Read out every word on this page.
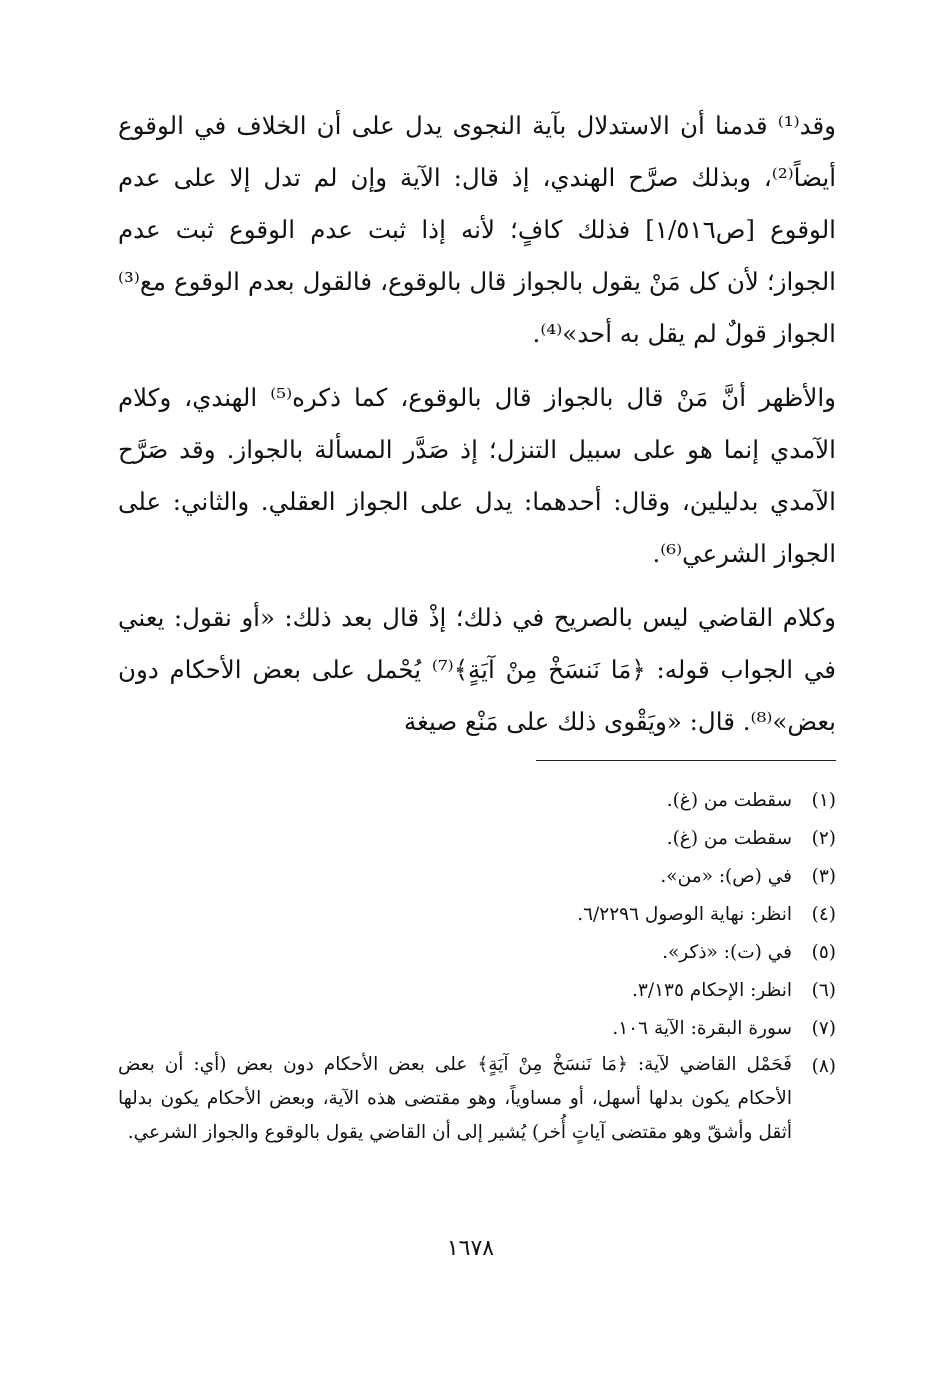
وقد⁽¹⁾ قدمنا أن الاستدلال بآية النجوى يدل على أن الخلاف في الوقوع أيضاً⁽²⁾، وبذلك صرَّح الهندي، إذ قال: الآية وإن لم تدل إلا على عدم الوقوع [ص١/٥١٦] فذلك كافٍ؛ لأنه إذا ثبت عدم الوقوع ثبت عدم الجواز؛ لأن كل مَنْ يقول بالجواز قال بالوقوع، فالقول بعدم الوقوع مع⁽³⁾ الجواز قولٌ لم يقل به أحد»⁽⁴⁾.

والأظهر أنَّ مَنْ قال بالجواز قال بالوقوع، كما ذكره⁽⁵⁾ الهندي، وكلام الآمدي إنما هو على سبيل التنزل؛ إذ صَدَّر المسألة بالجواز. وقد صَرَّح الآمدي بدليلين، وقال: أحدهما: يدل على الجواز العقلي. والثاني: على الجواز الشرعي⁽⁶⁾.

وكلام القاضي ليس بالصريح في ذلك؛ إذْ قال بعد ذلك: «أو نقول: يعني في الجواب قوله: ﴿مَا نَنسَخْ مِنْ آيَةٍ﴾⁽⁷⁾ يُحْمل على بعض الأحكام دون بعض»⁽⁸⁾. قال: «ويَقْوى ذلك على مَنْع صيغة

(١)
سقطت من (غ).
(٢)
سقطت من (غ).
(٣)
في (ص): «من».
(٤)
انظر: نهاية الوصول ٦/٢٢٩٦.
(٥)
في (ت): «ذكر».
(٦)
انظر: الإحكام ٣/١٣٥.
(٧)
سورة البقرة: الآية ١٠٦.
(٨)
فَحَمْل القاضي لآية: ﴿مَا نَنسَخْ مِنْ آيَةٍ﴾ على بعض الأحكام دون بعض (أي: أن بعض الأحكام يكون بدلها أسهل، أو مساوياً، وهو مقتضى هذه الآية، وبعض الأحكام يكون بدلها أثقل وأشقّ وهو مقتضى آياتٍ أُخر) يُشير إلى أن القاضي يقول بالوقوع والجواز الشرعي.
١٦٧٨
